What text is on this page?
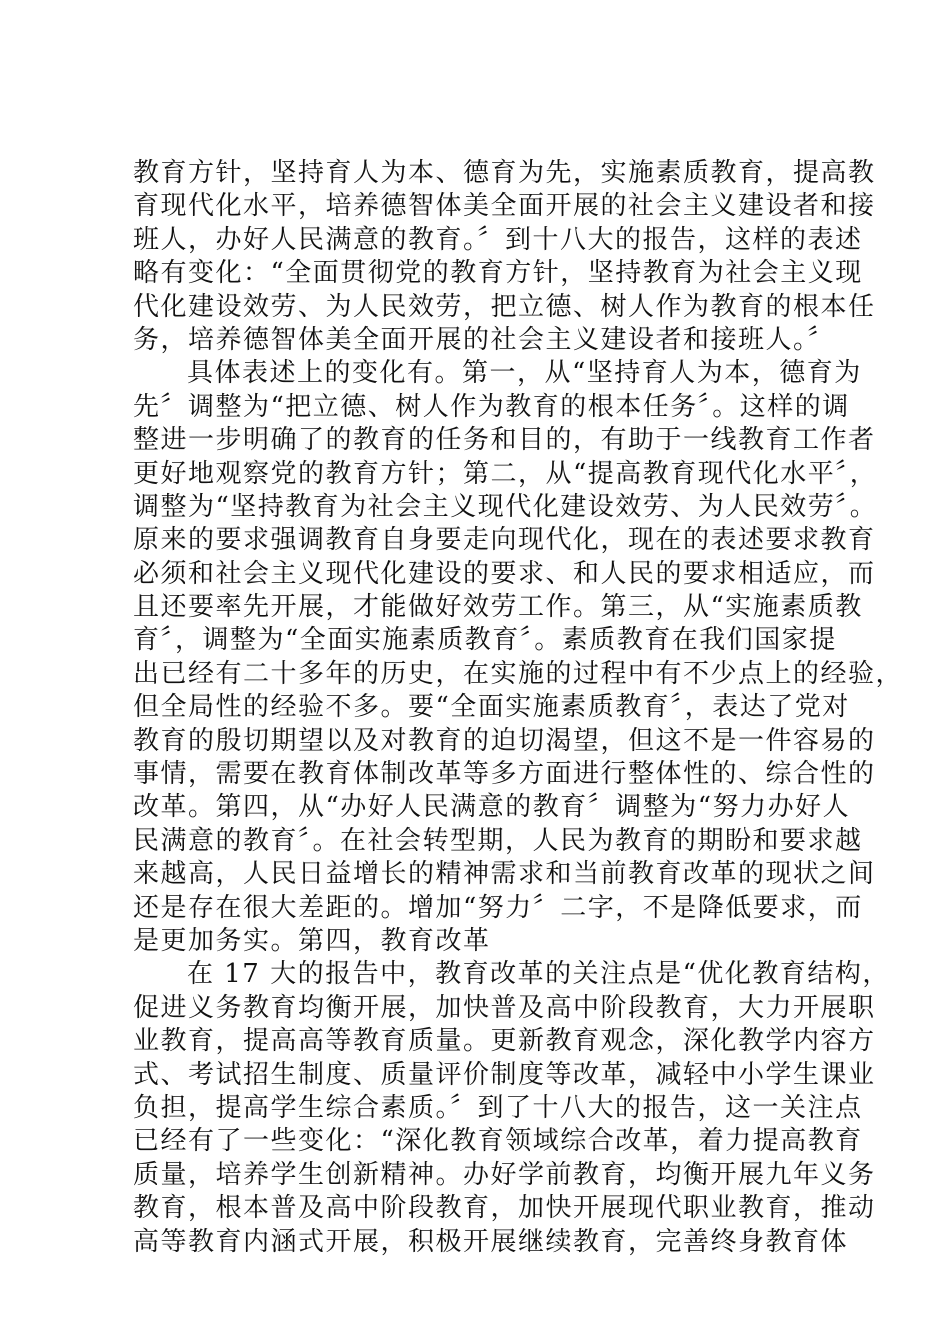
教育方针，坚持育人为本、德育为先，实施素质教育，提高教
育现代化水平，培养德智体美全面开展的社会主义建设者和接
班人，办好人民满意的教育。〞到十八大的报告，这样的表述
略有变化：“全面贯彻党的教育方针，坚持教育为社会主义现
代化建设效劳、为人民效劳，把立德、树人作为教育的根本任
务，培养德智体美全面开展的社会主义建设者和接班人。〞
具体表述上的变化有。第一，从“坚持育人为本，德育为
先〞调整为“把立德、树人作为教育的根本任务〞。这样的调
整进一步明确了的教育的任务和目的，有助于一线教育工作者
更好地观察党的教育方针；第二，从“提高教育现代化水平〞，
调整为“坚持教育为社会主义现代化建设效劳、为人民效劳〞。
原来的要求强调教育自身要走向现代化，现在的表述要求教育
必须和社会主义现代化建设的要求、和人民的要求相适应，而
且还要率先开展，才能做好效劳工作。第三，从“实施素质教
育〞，调整为“全面实施素质教育〞。素质教育在我们国家提
出已经有二十多年的历史，在实施的过程中有不少点上的经验，
但全局性的经验不多。要“全面实施素质教育〞，表达了党对
教育的殷切期望以及对教育的迫切渴望，但这不是一件容易的
事情，需要在教育体制改革等多方面进行整体性的、综合性的
改革。第四，从“办好人民满意的教育〞调整为“努力办好人
民满意的教育〞。在社会转型期，人民为教育的期盼和要求越
来越高，人民日益增长的精神需求和当前教育改革的现状之间
还是存在很大差距的。增加“努力〞二字，不是降低要求，而
是更加务实。第四，教育改革
在 17 大的报告中，教育改革的关注点是“优化教育结构，
促进义务教育均衡开展，加快普及高中阶段教育，大力开展职
业教育，提高高等教育质量。更新教育观念，深化教学内容方
式、考试招生制度、质量评价制度等改革，减轻中小学生课业
负担，提高学生综合素质。〞到了十八大的报告，这一关注点
已经有了一些变化：“深化教育领域综合改革，着力提高教育
质量，培养学生创新精神。办好学前教育，均衡开展九年义务
教育，根本普及高中阶段教育，加快开展现代职业教育，推动
高等教育内涵式开展，积极开展继续教育，完善终身教育体
